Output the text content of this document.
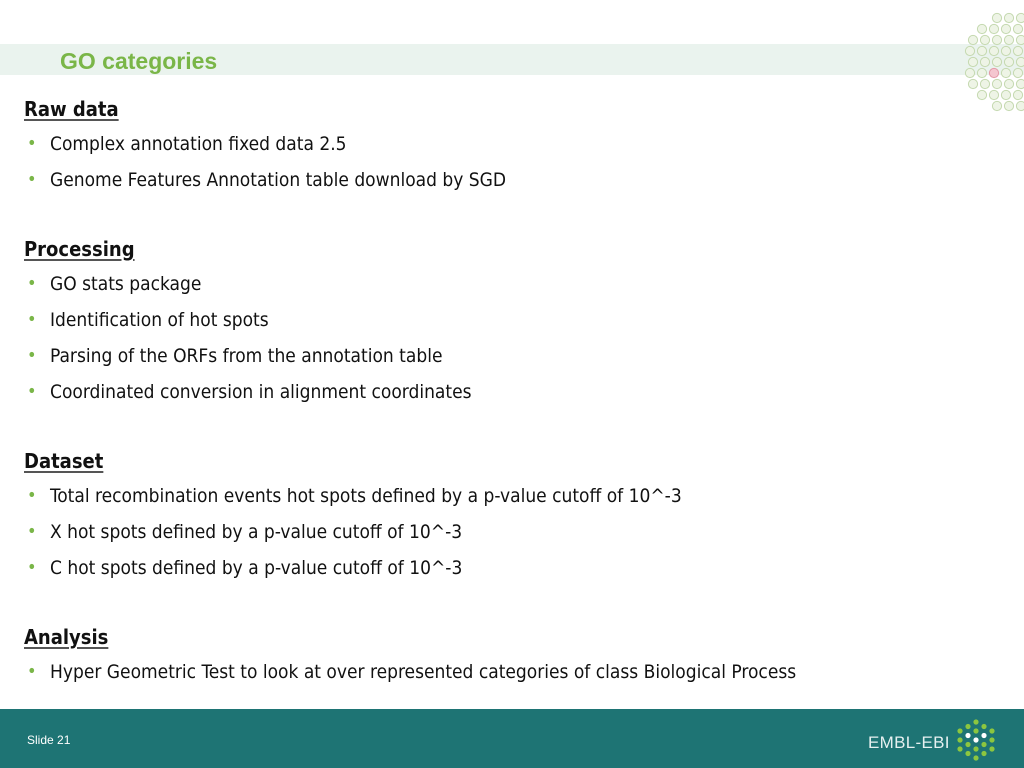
GO categories

Raw data

• Complex annotation fixed data 2.5
• Genome Features Annotation table download by SGD

Processing

• GO stats package
• Identification of hot spots
• Parsing of the ORFs from the annotation table
• Coordinated conversion in alignment coordinates

Dataset

• Total recombination events hot spots defined by a p-value cutoff of 10^-3
• X hot spots defined by a p-value cutoff of 10^-3
• C hot spots defined by a p-value cutoff of 10^-3

Analysis

• Hyper Geometric Test to look at over represented categories of class Biological Process
Slide 21	EMBL-EBI
